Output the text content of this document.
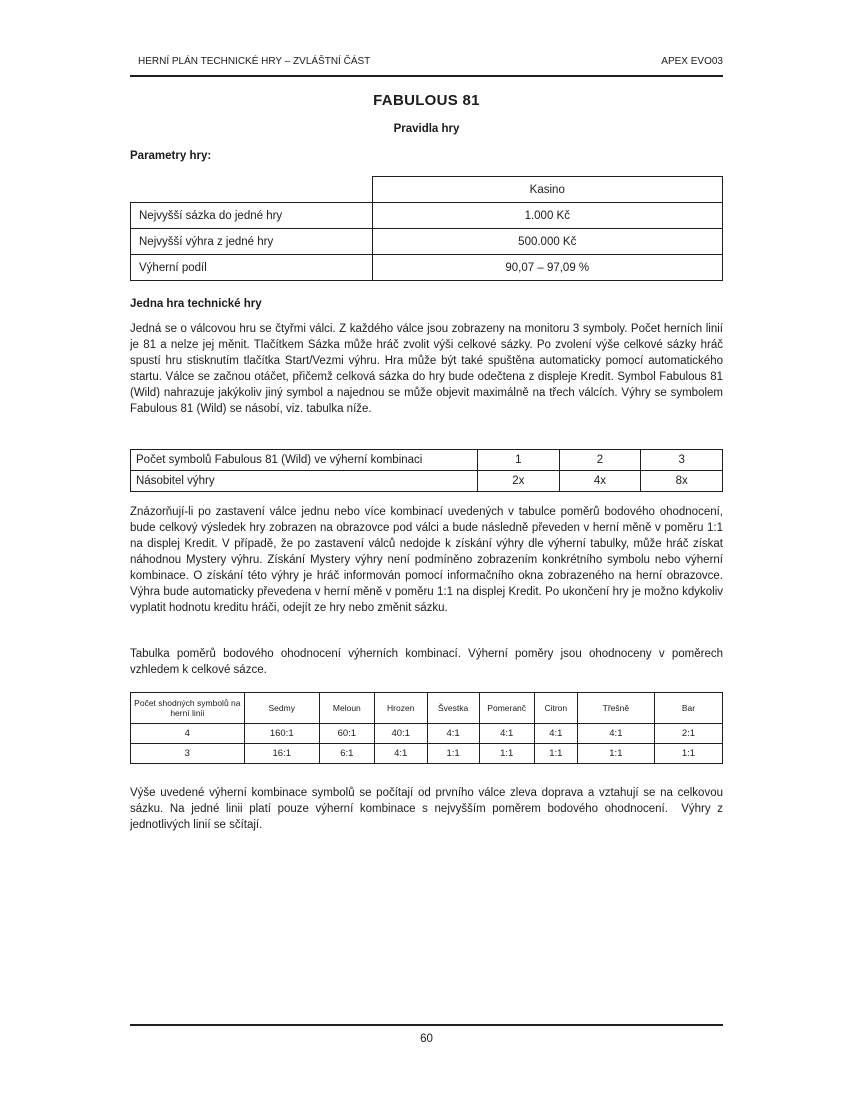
HERNÍ PLÁN TECHNICKÉ HRY – ZVLÁŠTNÍ ČÁST	APEX EVO03
FABULOUS 81
Pravidla hry
Parametry hry:
	Kasino
Nejvyšší sázka do jedné hry	1.000 Kč
Nejvyšší výhra z jedné hry	500.000 Kč
Výherní podíl	90,07 – 97,09 %
Jedna hra technické hry
Jedná se o válcovou hru se čtyřmi válci. Z každého válce jsou zobrazeny na monitoru 3 symboly. Počet herních linií je 81 a nelze jej měnit. Tlačítkem Sázka může hráč zvolit výši celkové sázky. Po zvolení výše celkové sázky hráč spustí hru stisknutím tlačítka Start/Vezmi výhru. Hra může být také spuštěna automaticky pomocí automatického startu. Válce se začnou otáčet, přičemž celková sázka do hry bude odečtena z displeje Kredit. Symbol Fabulous 81 (Wild) nahrazuje jakýkoliv jiný symbol a najednou se může objevit maximálně na třech válcích. Výhry se symbolem Fabulous 81 (Wild) se násobí, viz. tabulka níže.
Počet symbolů Fabulous 81 (Wild) ve výherní kombinaci	1	2	3
Násobitel výhry	2x	4x	8x
Znázorňují-li po zastavení válce jednu nebo více kombinací uvedených v tabulce poměrů bodového ohodnocení, bude celkový výsledek hry zobrazen na obrazovce pod válci a bude následně převeden v herní měně v poměru 1:1 na displej Kredit. V případě, že po zastavení válců nedojde k získání výhry dle výherní tabulky, může hráč získat náhodnou Mystery výhru. Získání Mystery výhry není podmíněno zobrazením konkrétního symbolu nebo výherní kombinace. O získání této výhry je hráč informován pomocí informačního okna zobrazeného na herní obrazovce. Výhra bude automaticky převedena v herní měně v poměru 1:1 na displej Kredit. Po ukončení hry je možno kdykoliv vyplatit hodnotu kreditu hráči, odejít ze hry nebo změnit sázku.
Tabulka poměrů bodového ohodnocení výherních kombinací. Výherní poměry jsou ohodnoceny v poměrech vzhledem k celkové sázce.
Počet shodných symbolů na herní linii	Sedmy	Meloun	Hrozen	Švestka	Pomeranč	Citron	Třešně	Bar
4	160:1	60:1	40:1	4:1	4:1	4:1	4:1	2:1
3	16:1	6:1	4:1	1:1	1:1	1:1	1:1	1:1
Výše uvedené výherní kombinace symbolů se počítají od prvního válce zleva doprava a vztahují se na celkovou sázku. Na jedné linii platí pouze výherní kombinace s nejvyšším poměrem bodového ohodnocení.  Výhry z jednotlivých linií se sčítají.
60
